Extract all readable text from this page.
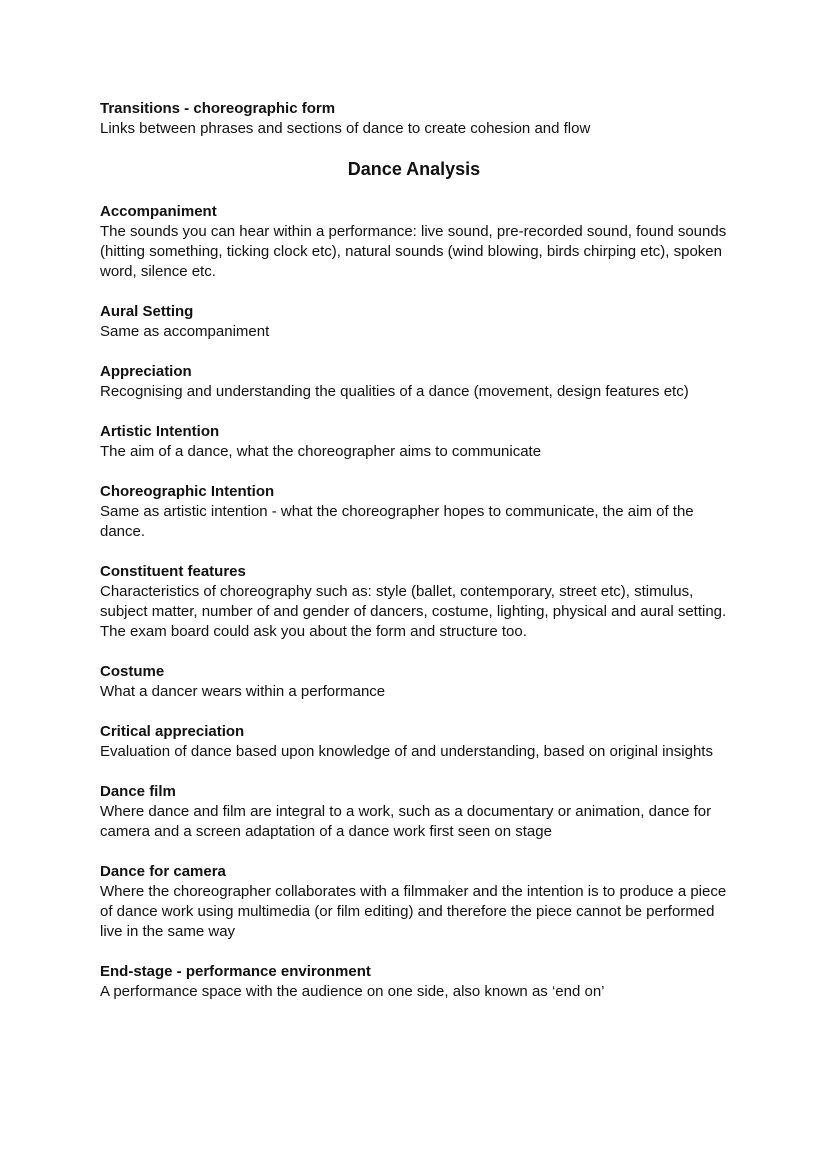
Transitions - choreographic form

Links between phrases and sections of dance to create cohesion and flow

Dance Analysis

Accompaniment

The sounds you can hear within a performance: live sound, pre-recorded sound, found sounds (hitting something, ticking clock etc), natural sounds (wind blowing, birds chirping etc), spoken word, silence etc.

Aural Setting

Same as accompaniment

Appreciation

Recognising and understanding the qualities of a dance (movement, design features etc)

Artistic Intention

The aim of a dance, what the choreographer aims to communicate

Choreographic Intention

Same as artistic intention - what the choreographer hopes to communicate, the aim of the dance.

Constituent features

Characteristics of choreography such as: style (ballet, contemporary, street etc), stimulus, subject matter, number of and gender of dancers, costume, lighting, physical and aural setting. The exam board could ask you about the form and structure too.

Costume

What a dancer wears within a performance

Critical appreciation

Evaluation of dance based upon knowledge of and understanding, based on original insights

Dance film

Where dance and film are integral to a work, such as a documentary or animation, dance for camera and a screen adaptation of a dance work first seen on stage

Dance for camera

Where the choreographer collaborates with a filmmaker and the intention is to produce a piece of dance work using multimedia (or film editing) and therefore the piece cannot be performed live in the same way

End-stage - performance environment

A performance space with the audience on one side, also known as ‘end on’
